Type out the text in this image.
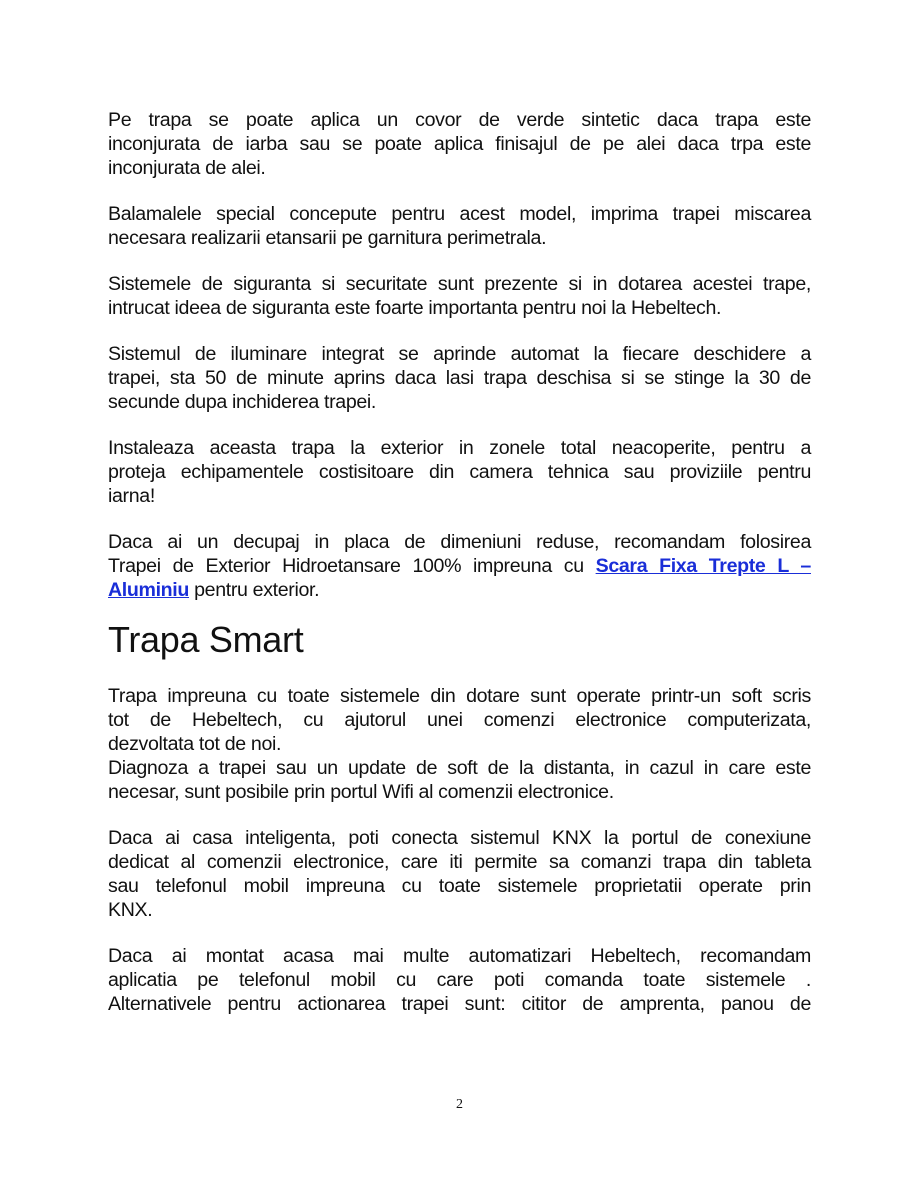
Pe trapa se poate aplica un covor de verde sintetic daca trapa este
inconjurata de iarba sau se poate aplica finisajul de pe alei daca trpa este
inconjurata de alei.
Balamalele special concepute pentru acest model, imprima trapei miscarea
necesara realizarii etansarii pe garnitura perimetrala.
Sistemele de siguranta si securitate sunt prezente si in dotarea acestei trape,
intrucat ideea de siguranta este foarte importanta pentru noi la Hebeltech.
Sistemul de iluminare integrat se aprinde automat la fiecare deschidere a
trapei, sta 50 de minute aprins daca lasi trapa deschisa si se stinge la 30 de
secunde dupa inchiderea trapei.
Instaleaza aceasta trapa la exterior in zonele total neacoperite, pentru a
proteja echipamentele costisitoare din camera tehnica sau proviziile pentru
iarna!
Daca ai un decupaj in placa de dimeniuni reduse, recomandam folosirea
Trapei de Exterior Hidroetansare 100% impreuna cu Scara Fixa Trepte L –
Aluminiu pentru exterior.
Trapa Smart
Trapa impreuna cu toate sistemele din dotare sunt operate printr-un soft scris
tot de Hebeltech, cu ajutorul unei comenzi electronice computerizata,
dezvoltata tot de noi.
Diagnoza a trapei sau un update de soft de la distanta, in cazul in care este
necesar, sunt posibile prin portul Wifi al comenzii electronice.
Daca ai casa inteligenta, poti conecta sistemul KNX la portul de conexiune
dedicat al comenzii electronice, care iti permite sa comanzi trapa din tableta
sau telefonul mobil impreuna cu toate sistemele proprietatii operate prin
KNX.
Daca ai montat acasa mai multe automatizari Hebeltech, recomandam
aplicatia pe telefonul mobil cu care poti comanda toate sistemele .
Alternativele pentru actionarea trapei sunt: cititor de amprenta, panou de
2
